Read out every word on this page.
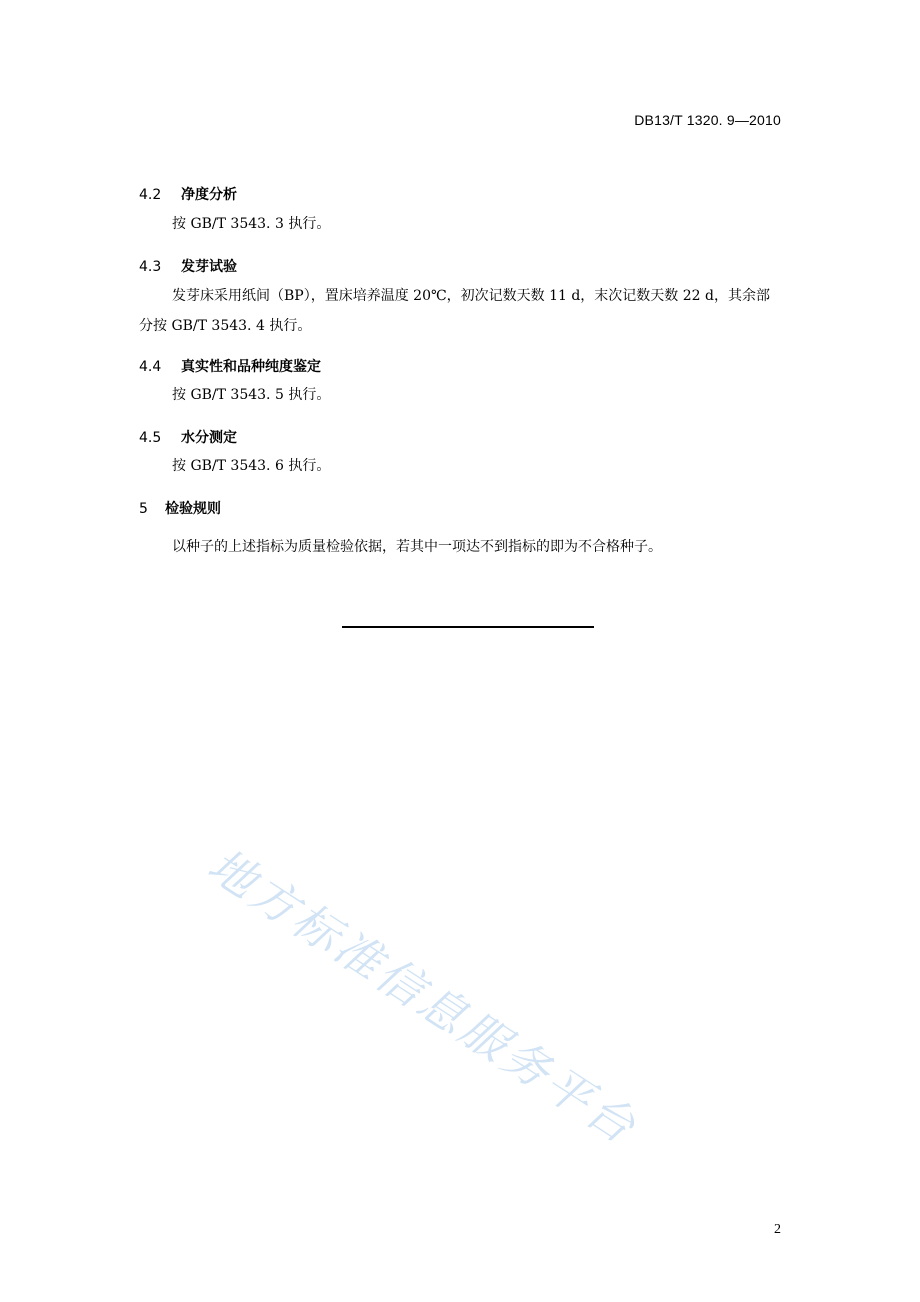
DB13/T 1320. 9—2010
4.2 净度分析
按 GB/T 3543. 3 执行。
4.3 发芽试验
发芽床采用纸间（BP），置床培养温度 20℃，初次记数天数 11 d，末次记数天数 22 d，其余部分按 GB/T 3543. 4 执行。
4.4 真实性和品种纯度鉴定
按 GB/T 3543. 5 执行。
4.5 水分测定
按 GB/T 3543. 6 执行。
5 检验规则
以种子的上述指标为质量检验依据，若其中一项达不到指标的即为不合格种子。
地方标准信息服务平台
2
